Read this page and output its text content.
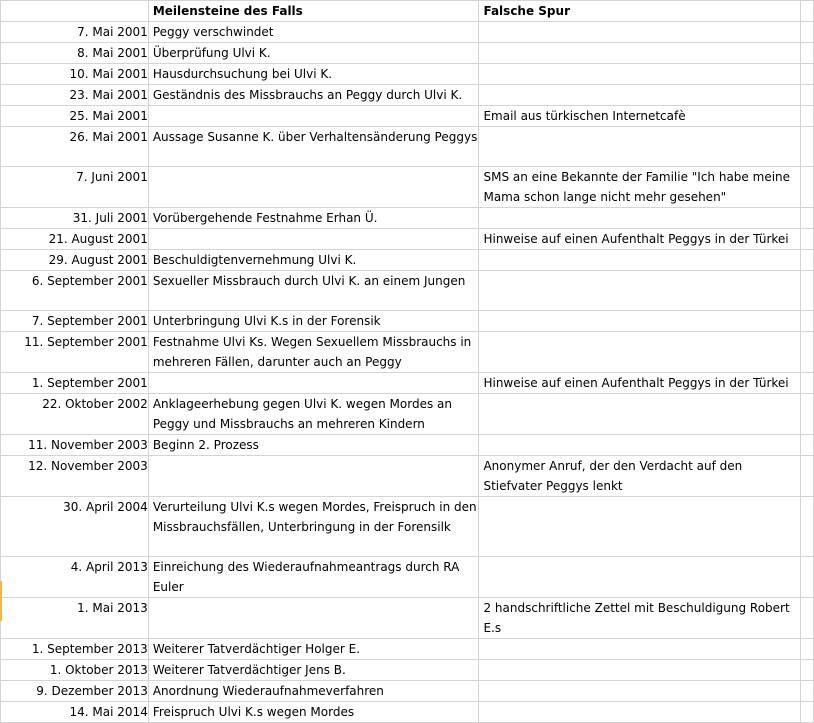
	Meilensteine des Falls	Falsche Spur	
7. Mai 2001	Peggy verschwindet		
8. Mai 2001	Überprüfung Ulvi K.		
10. Mai 2001	Hausdurchsuchung bei Ulvi K.		
23. Mai 2001	Geständnis des Missbrauchs an Peggy durch Ulvi K.		
25. Mai 2001		Email aus türkischen Internetcafè	
26. Mai 2001	Aussage Susanne K. über Verhaltensänderung Peggys		
7. Juni 2001		SMS an eine Bekannte der Familie "Ich habe meine Mama schon lange nicht mehr gesehen"	
31. Juli 2001	Vorübergehende Festnahme Erhan Ü.		
21. August 2001		Hinweise auf einen Aufenthalt Peggys in der Türkei	
29. August 2001	Beschuldigtenvernehmung Ulvi K.		
6. September 2001	Sexueller Missbrauch durch Ulvi K. an einem Jungen		
7. September 2001	Unterbringung Ulvi K.s in der Forensik		
11. September 2001	Festnahme Ulvi Ks. Wegen Sexuellem Missbrauchs in mehreren Fällen, darunter auch an Peggy		
1. September 2001		Hinweise auf einen Aufenthalt Peggys in der Türkei	
22. Oktober 2002	Anklageerhebung gegen Ulvi K. wegen Mordes an Peggy und Missbrauchs an mehreren Kindern		
11. November 2003	Beginn 2. Prozess		
12. November 2003		Anonymer Anruf, der den Verdacht auf den Stiefvater Peggys lenkt	
30. April 2004	Verurteilung Ulvi K.s wegen Mordes, Freispruch in den Missbrauchsfällen, Unterbringung in der Forensilk		
4. April 2013	Einreichung des Wiederaufnahmeantrags durch RA Euler		
1. Mai 2013		2 handschriftliche Zettel mit Beschuldigung Robert E.s	
1. September 2013	Weiterer Tatverdächtiger Holger E.		
1. Oktober 2013	Weiterer Tatverdächtiger Jens B.		
9. Dezember 2013	Anordnung Wiederaufnahmeverfahren		
14. Mai 2014	Freispruch Ulvi K.s wegen Mordes		
